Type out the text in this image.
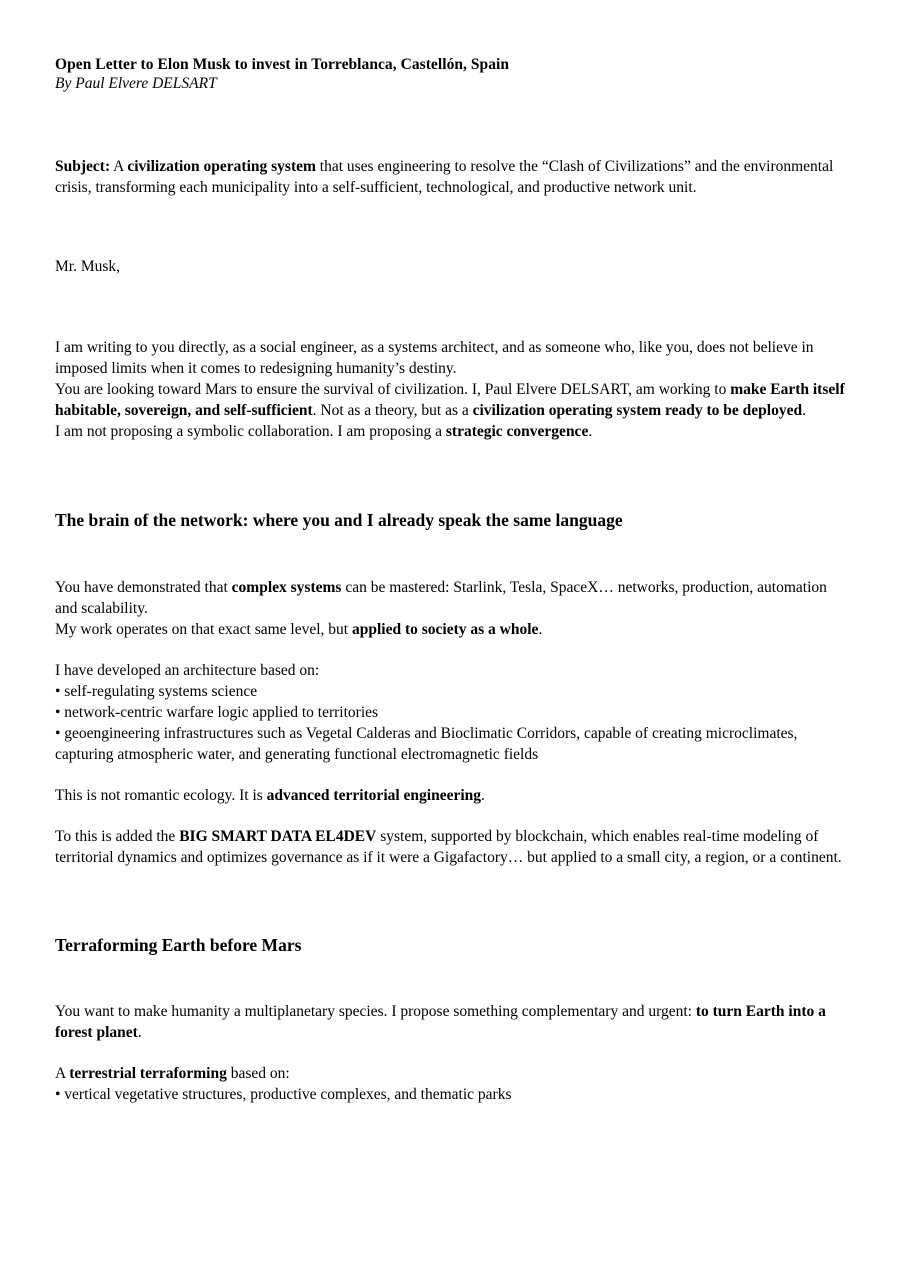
Open Letter to Elon Musk to invest in Torreblanca, Castellón, Spain
By Paul Elvere DELSART

Subject: A civilization operating system that uses engineering to resolve the “Clash of Civilizations” and the environmental crisis, transforming each municipality into a self-sufficient, technological, and productive network unit.

Mr. Musk,

I am writing to you directly, as a social engineer, as a systems architect, and as someone who, like you, does not believe in imposed limits when it comes to redesigning humanity’s destiny.

You are looking toward Mars to ensure the survival of civilization. I, Paul Elvere DELSART, am working to make Earth itself habitable, sovereign, and self-sufficient. Not as a theory, but as a civilization operating system ready to be deployed.

I am not proposing a symbolic collaboration. I am proposing a strategic convergence.

The brain of the network: where you and I already speak the same language

You have demonstrated that complex systems can be mastered: Starlink, Tesla, SpaceX… networks, production, automation and scalability.

My work operates on that exact same level, but applied to society as a whole.

I have developed an architecture based on:

• self-regulating systems science

• network-centric warfare logic applied to territories

• geoengineering infrastructures such as Vegetal Calderas and Bioclimatic Corridors, capable of creating microclimates, capturing atmospheric water, and generating functional electromagnetic fields

This is not romantic ecology. It is advanced territorial engineering.

To this is added the BIG SMART DATA EL4DEV system, supported by blockchain, which enables real-time modeling of territorial dynamics and optimizes governance as if it were a Gigafactory… but applied to a small city, a region, or a continent.

Terraforming Earth before Mars

You want to make humanity a multiplanetary species. I propose something complementary and urgent: to turn Earth into a forest planet.

A terrestrial terraforming based on:

• vertical vegetative structures, productive complexes, and thematic parks
